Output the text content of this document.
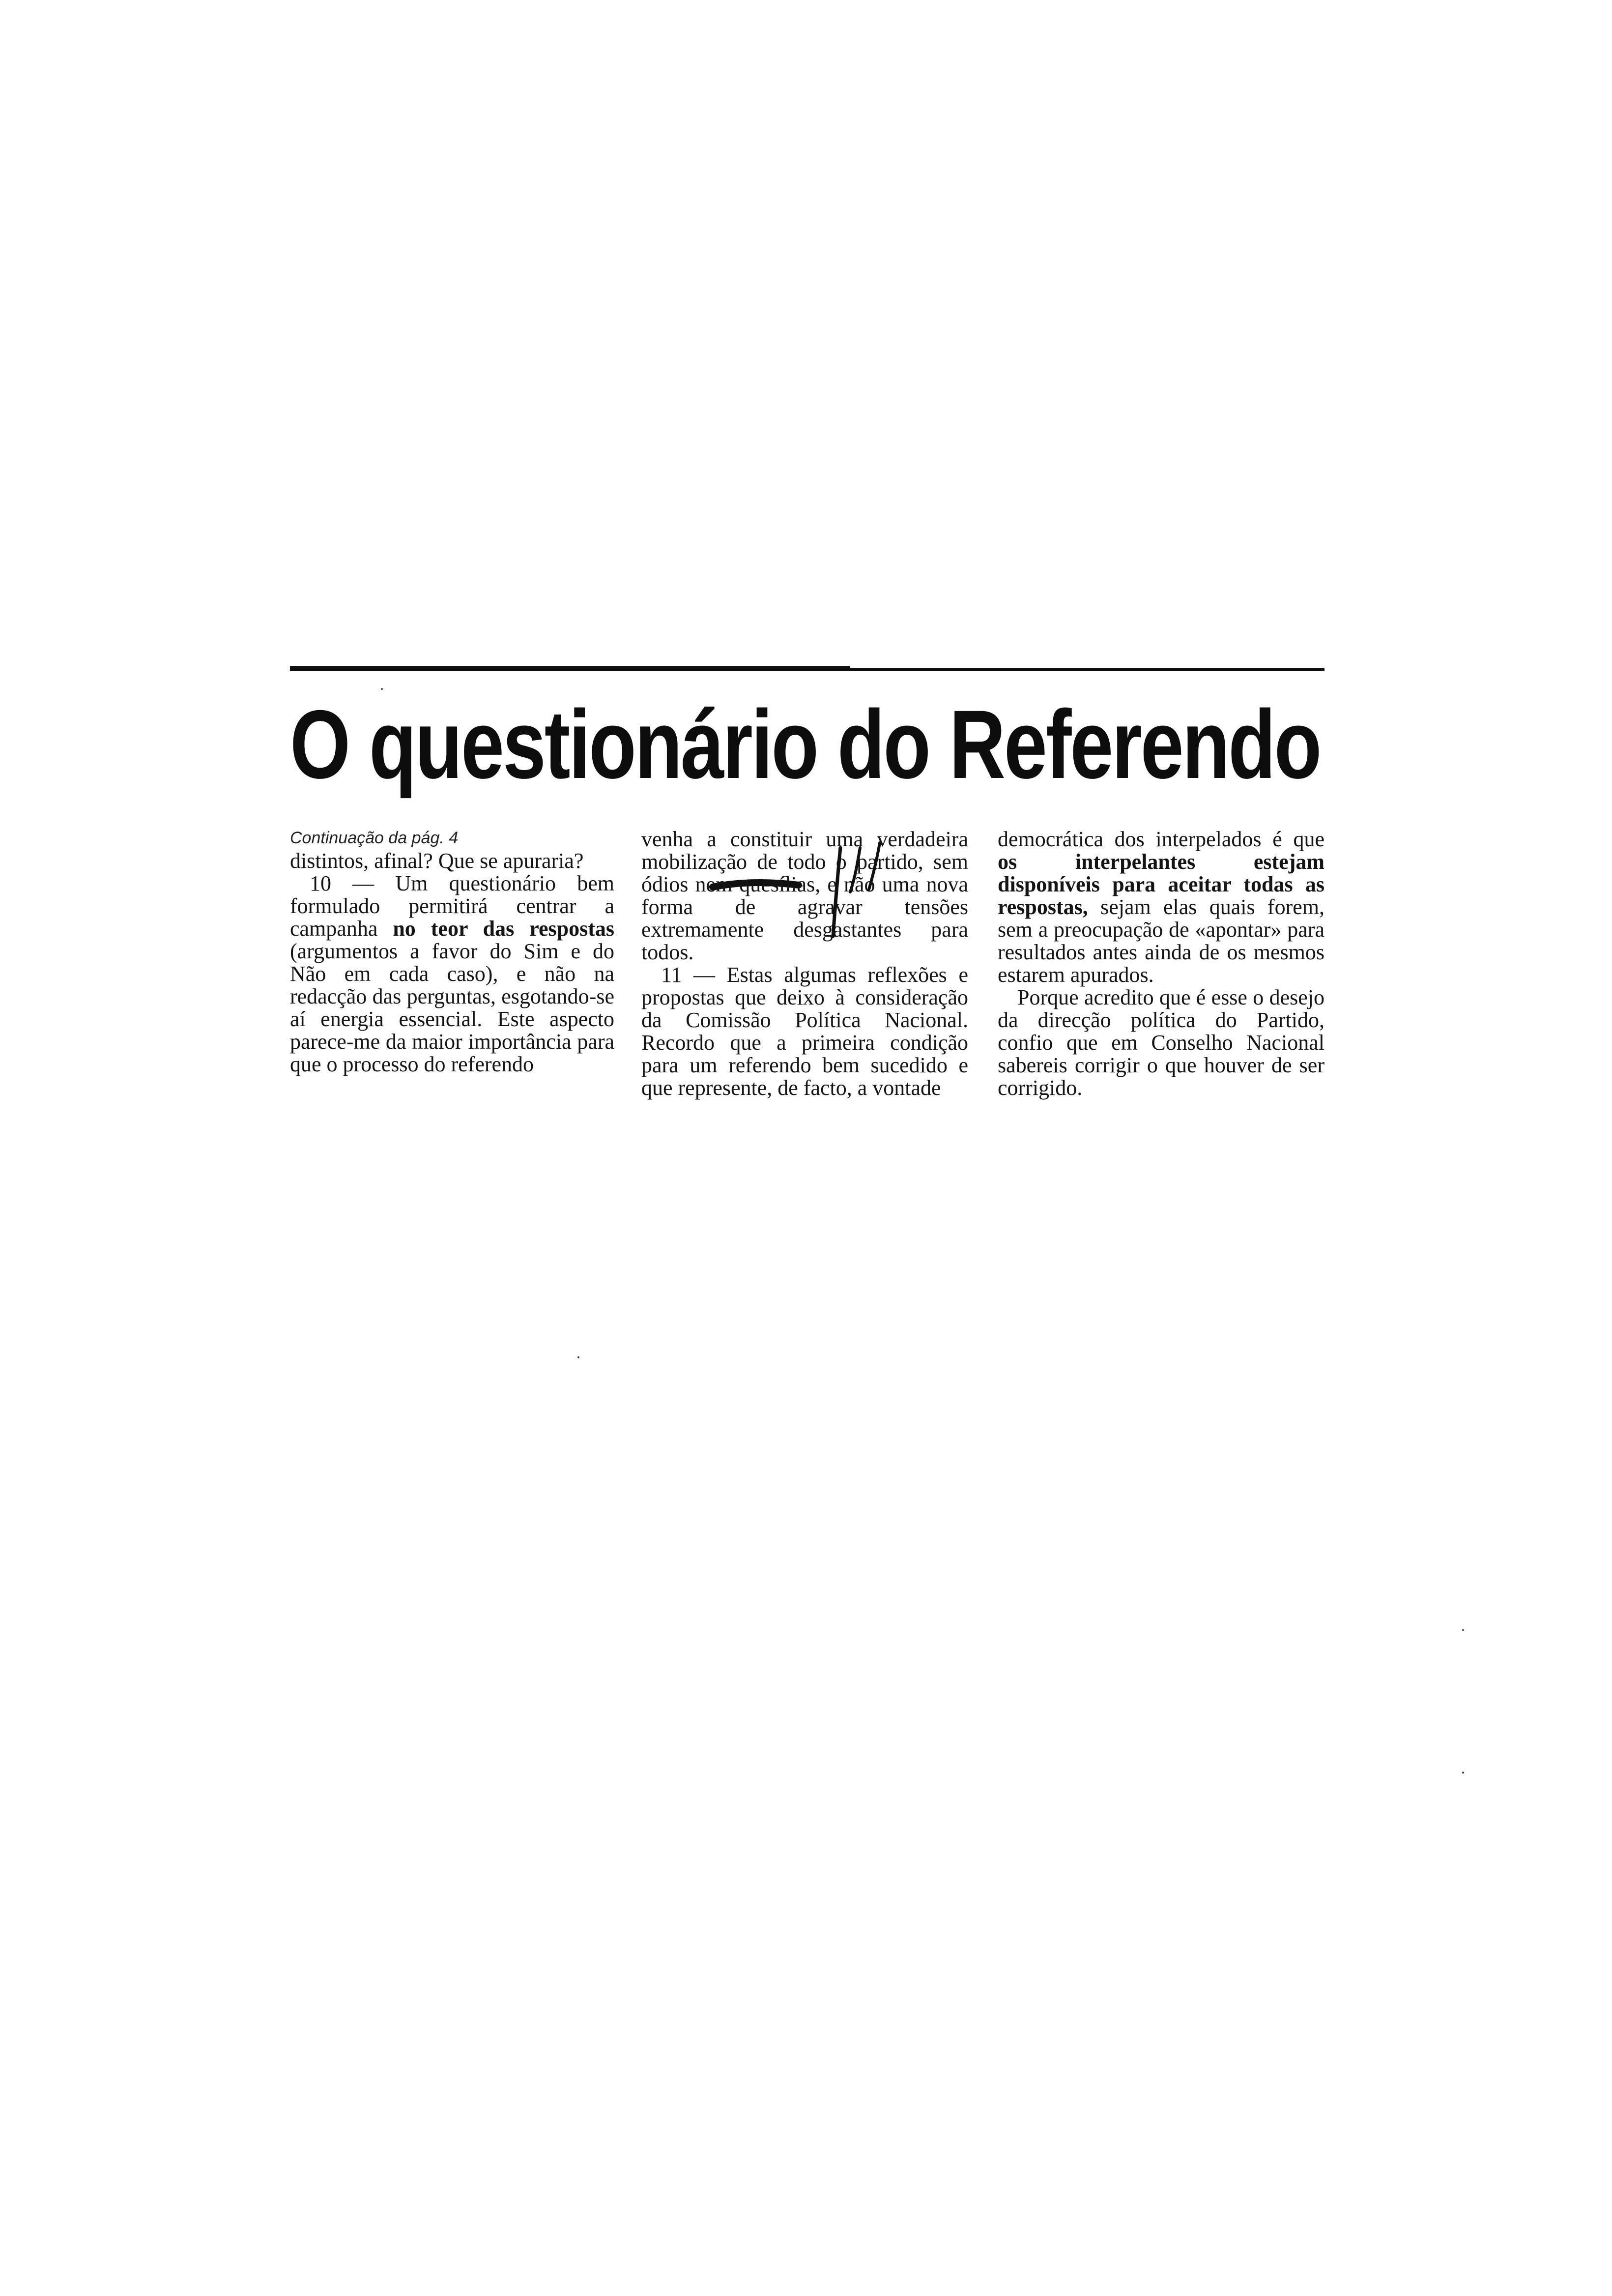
O questionário do Referendo

Continuação da pág. 4

distintos, afinal? Que se apuraria?

10 — Um questionário bem formulado permitirá centrar a campanha no teor das respostas (argumentos a favor do Sim e do Não em cada caso), e não na redacção das perguntas, esgotando-se aí energia essencial. Este aspecto parece-me da maior importância para que o processo do referendo

venha a constituir uma verdadeira mobilização de todo o partido, sem ódios nem quesílias, e não uma nova forma de agravar tensões extremamente desgastantes para todos.

11 — Estas algumas reflexões e propostas que deixo à consideração da Comissão Política Nacional. Recordo que a primeira condição para um referendo bem sucedido e que represente, de facto, a vontade

democrática dos interpelados é que os interpelantes estejam disponíveis para aceitar todas as respostas, sejam elas quais forem, sem a preocupação de «apontar» para resultados antes ainda de os mesmos estarem apurados.

Porque acredito que é esse o desejo da direcção política do Partido, confio que em Conselho Nacional sabereis corrigir o que houver de ser corrigido.
